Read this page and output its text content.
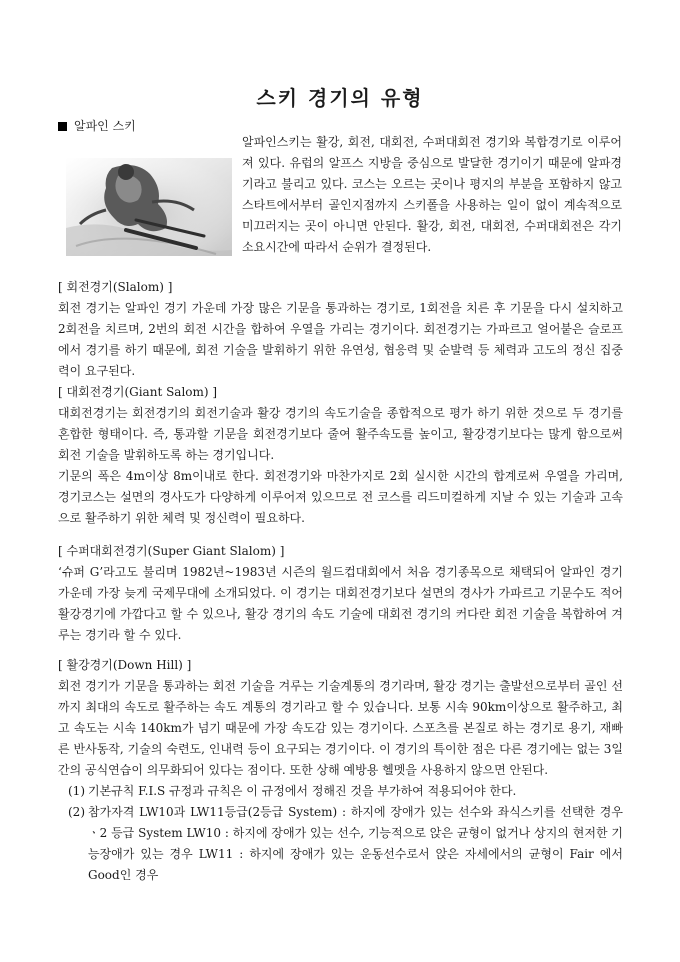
스키 경기의 유형
알파인 스키

알파인스키는 활강, 회전, 대회전, 수퍼대회전 경기와 복합경기로 이루어져 있다. 유럽의 알프스 지방을 중심으로 발달한 경기이기 때문에 알파경기라고 불리고 있다. 코스는 오르는 곳이나 평지의 부분을 포함하지 않고 스타트에서부터 골인지점까지 스키폴을 사용하는 일이 없이 계속적으로 미끄러지는 곳이 아니면 안된다. 활강, 회전, 대회전, 수퍼대회전은 각기 소요시간에 따라서 순위가 결정된다.

[ 회전경기(Slalom) ]

회전 경기는 알파인 경기 가운데 가장 많은 기문을 통과하는 경기로, 1회전을 치른 후 기문을 다시 설치하고 2회전을 치르며, 2번의 회전 시간을 합하여 우열을 가리는 경기이다. 회전경기는 가파르고 얼어붙은 슬로프에서 경기를 하기 때문에, 회전 기술을 발휘하기 위한 유연성, 협응력 및 순발력 등 체력과 고도의 정신 집중력이 요구된다.

[ 대회전경기(Giant Salom) ]

대회전경기는 회전경기의 회전기술과 활강 경기의 속도기술을 종합적으로 평가 하기 위한 것으로 두 경기를 혼합한 형태이다. 즉, 통과할 기문을 회전경기보다 줄여 활주속도를 높이고, 활강경기보다는 많게 함으로써 회전 기술을 발휘하도록 하는 경기입니다.

기문의 폭은 4m이상 8m이내로 한다. 회전경기와 마찬가지로 2회 실시한 시간의 합계로써 우열을 가리며, 경기코스는 설면의 경사도가 다양하게 이루어져 있으므로 전 코스를 리드미컬하게 지날 수 있는 기술과 고속으로 활주하기 위한 체력 및 정신력이 필요하다.

[ 수퍼대회전경기(Super Giant Slalom) ]

‘슈퍼 G’라고도 불리며 1982년~1983년 시즌의 월드컵대회에서 처음 경기종목으로 채택되어 알파인 경기 가운데 가장 늦게 국제무대에 소개되었다. 이 경기는 대회전경기보다 설면의 경사가 가파르고 기문수도 적어 활강경기에 가깝다고 할 수 있으나, 활강 경기의 속도 기술에 대회전 경기의 커다란 회전 기술을 복합하여 겨루는 경기라 할 수 있다.

[ 활강경기(Down Hill) ]

회전 경기가 기문을 통과하는 회전 기술을 겨루는 기술계통의 경기라며, 활강 경기는 출발선으로부터 골인 선까지 최대의 속도로 활주하는 속도 계통의 경기라고 할 수 있습니다. 보통 시속 90km이상으로 활주하고, 최고 속도는 시속 140km가 넘기 때문에 가장 속도감 있는 경기이다. 스포츠를 본질로 하는 경기로 용기, 재빠른 반사동작, 기술의 숙련도, 인내력 등이 요구되는 경기이다. 이 경기의 특이한 점은 다른 경기에는 없는 3일간의 공식연습이 의무화되어 있다는 점이다. 또한 상해 예방용 헬멧을 사용하지 않으면 안된다.

(1) 기본규칙 F.I.S 규정과 규칙은 이 규정에서 정해진 것을 부가하여 적용되어야 한다.
(2) 참가자격 LW10과 LW11등급(2등급 System) : 하지에 장애가 있는 선수와 좌식스키를 선택한 경우 ㆍ2 등급 System LW10 : 하지에 장애가 있는 선수, 기능적으로 앉은 균형이 없거나 상지의 현저한 기능장애가 있는 경우 LW11 : 하지에 장애가 있는 운동선수로서 앉은 자세에서의 균형이 Fair 에서 Good인 경우
